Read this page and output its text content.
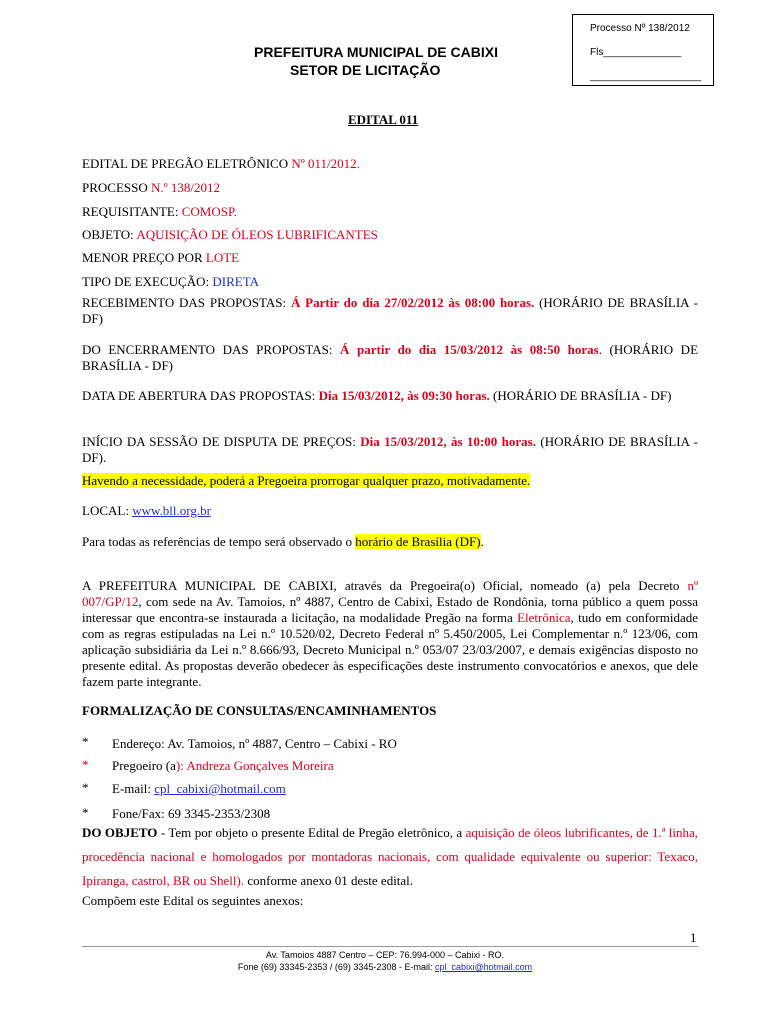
Processo Nº 138/2012
Fls______________
____________________
PREFEITURA MUNICIPAL DE CABIXI
SETOR DE LICITAÇÃO
EDITAL 011
EDITAL DE PREGÃO ELETRÔNICO Nº 011/2012.
PROCESSO N.º 138/2012
REQUISITANTE: COMOSP.
OBJETO: AQUISIÇÃO DE ÓLEOS LUBRIFICANTES
MENOR PREÇO POR LOTE
TIPO DE EXECUÇÃO: DIRETA
RECEBIMENTO DAS PROPOSTAS: Á Partir do dia 27/02/2012 às 08:00 horas. (HORÁRIO DE BRASÍLIA - DF)
DO ENCERRAMENTO DAS PROPOSTAS: Á partir do dia 15/03/2012 às 08:50 horas. (HORÁRIO DE BRASÍLIA - DF)
DATA DE ABERTURA DAS PROPOSTAS: Dia 15/03/2012, às 09:30 horas. (HORÁRIO DE BRASÍLIA - DF)
INÍCIO DA SESSÃO DE DISPUTA DE PREÇOS: Dia 15/03/2012, às 10:00 horas. (HORÁRIO DE BRASÍLIA - DF).
Havendo a necessidade, poderá a Pregoeira prorrogar qualquer prazo, motivadamente.
LOCAL: www.bll.org.br
Para todas as referências de tempo será observado o horário de Brasília (DF).
A PREFEITURA MUNICIPAL DE CABIXI, através da Pregoeira(o) Oficial, nomeado (a) pela Decreto nº 007/GP/12, com sede na Av. Tamoios, nº 4887, Centro de Cabixi, Estado de Rondônia, torna público a quem possa interessar que encontra-se instaurada a licitação, na modalidade Pregão na forma Eletrônica, tudo em conformidade com as regras estipuladas na Lei n.º 10.520/02, Decreto Federal nº 5.450/2005, Lei Complementar n.º 123/06, com aplicação subsidiária da Lei n.º 8.666/93, Decreto Municipal n.º 053/07 23/03/2007, e demais exigências disposto no presente edital. As propostas deverão obedecer às especificações deste instrumento convocatórios e anexos, que dele fazem parte integrante.
FORMALIZAÇÃO DE CONSULTAS/ENCAMINHAMENTOS
* Endereço: Av. Tamoios, nº 4887, Centro – Cabixi - RO
* Pregoeiro (a): Andreza Gonçalves Moreira
* E-mail: cpl_cabixi@hotmail.com
* Fone/Fax: 69 3345-2353/2308
DO OBJETO - Tem por objeto o presente Edital de Pregão eletrônico, a aquisição de óleos lubrificantes, de 1.ª linha, procedência nacional e homologados por montadoras nacionais, com qualidade equivalente ou superior: Texaco, Ipiranga, castrol, BR ou Shell). conforme anexo 01 deste edital.
Compõem este Edital os seguintes anexos:
1
Av. Tamoios 4887 Centro – CEP: 76.994-000 – Cabixi - RO.
Fone (69) 33345-2353 / (69) 3345-2308 - E-mail: cpl_cabixi@hotmail.com
